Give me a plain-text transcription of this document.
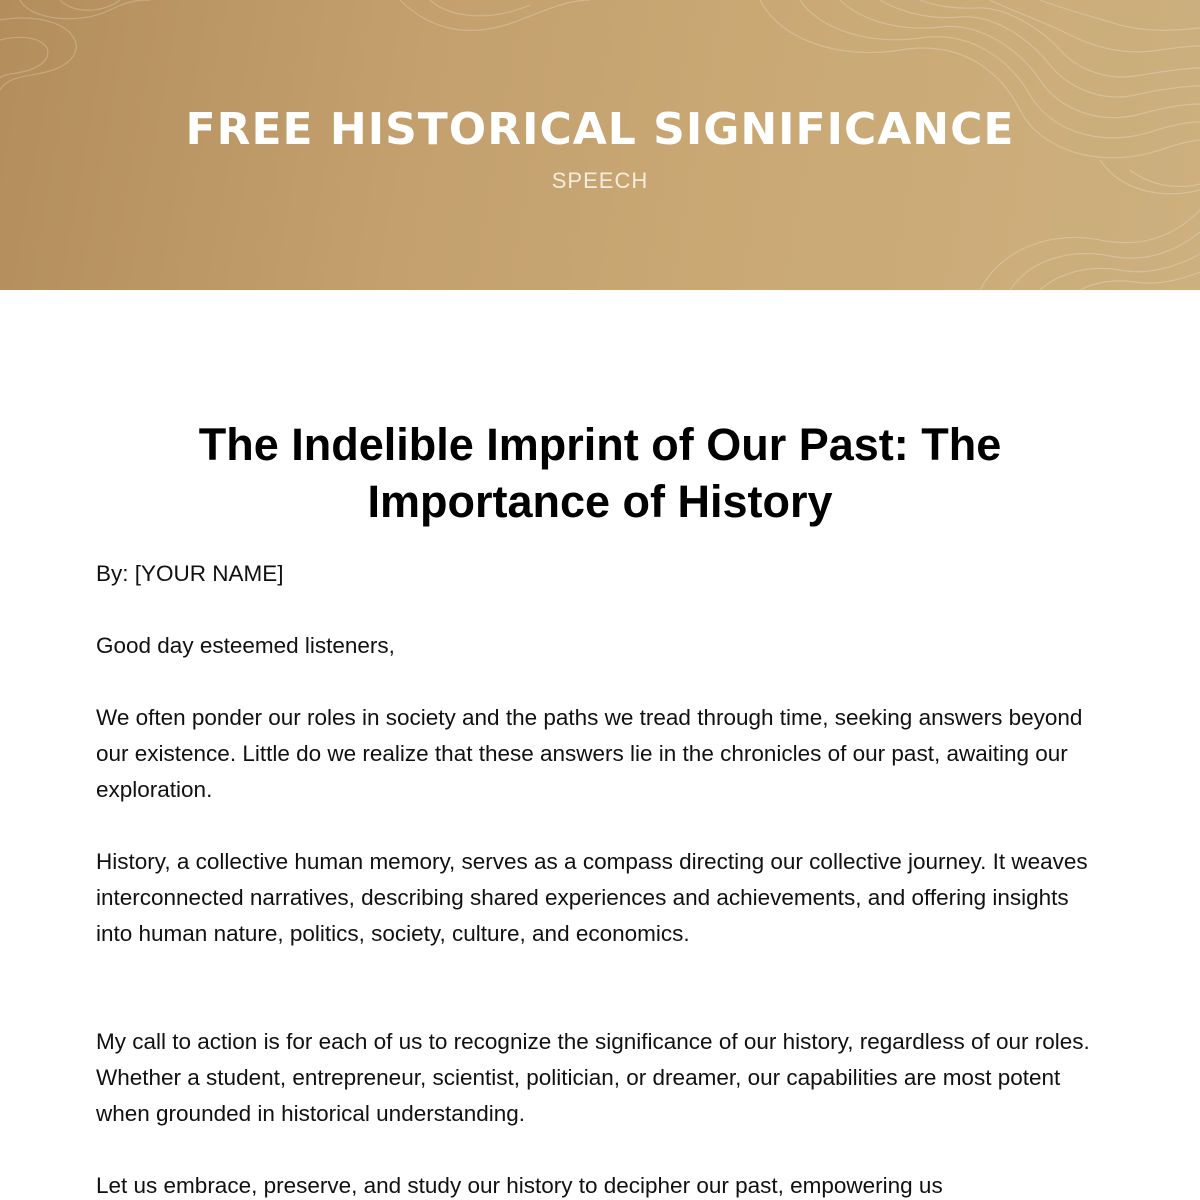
FREE HISTORICAL SIGNIFICANCE
SPEECH
The Indelible Imprint of Our Past: The Importance of History

By: [YOUR NAME]

Good day esteemed listeners,

We often ponder our roles in society and the paths we tread through time, seeking answers beyond our existence. Little do we realize that these answers lie in the chronicles of our past, awaiting our exploration.

History, a collective human memory, serves as a compass directing our collective journey. It weaves interconnected narratives, describing shared experiences and achievements, and offering insights into human nature, politics, society, culture, and economics.

My call to action is for each of us to recognize the significance of our history, regardless of our roles. Whether a student, entrepreneur, scientist, politician, or dreamer, our capabilities are most potent when grounded in historical understanding.

Let us embrace, preserve, and study our history to decipher our past, empowering us
